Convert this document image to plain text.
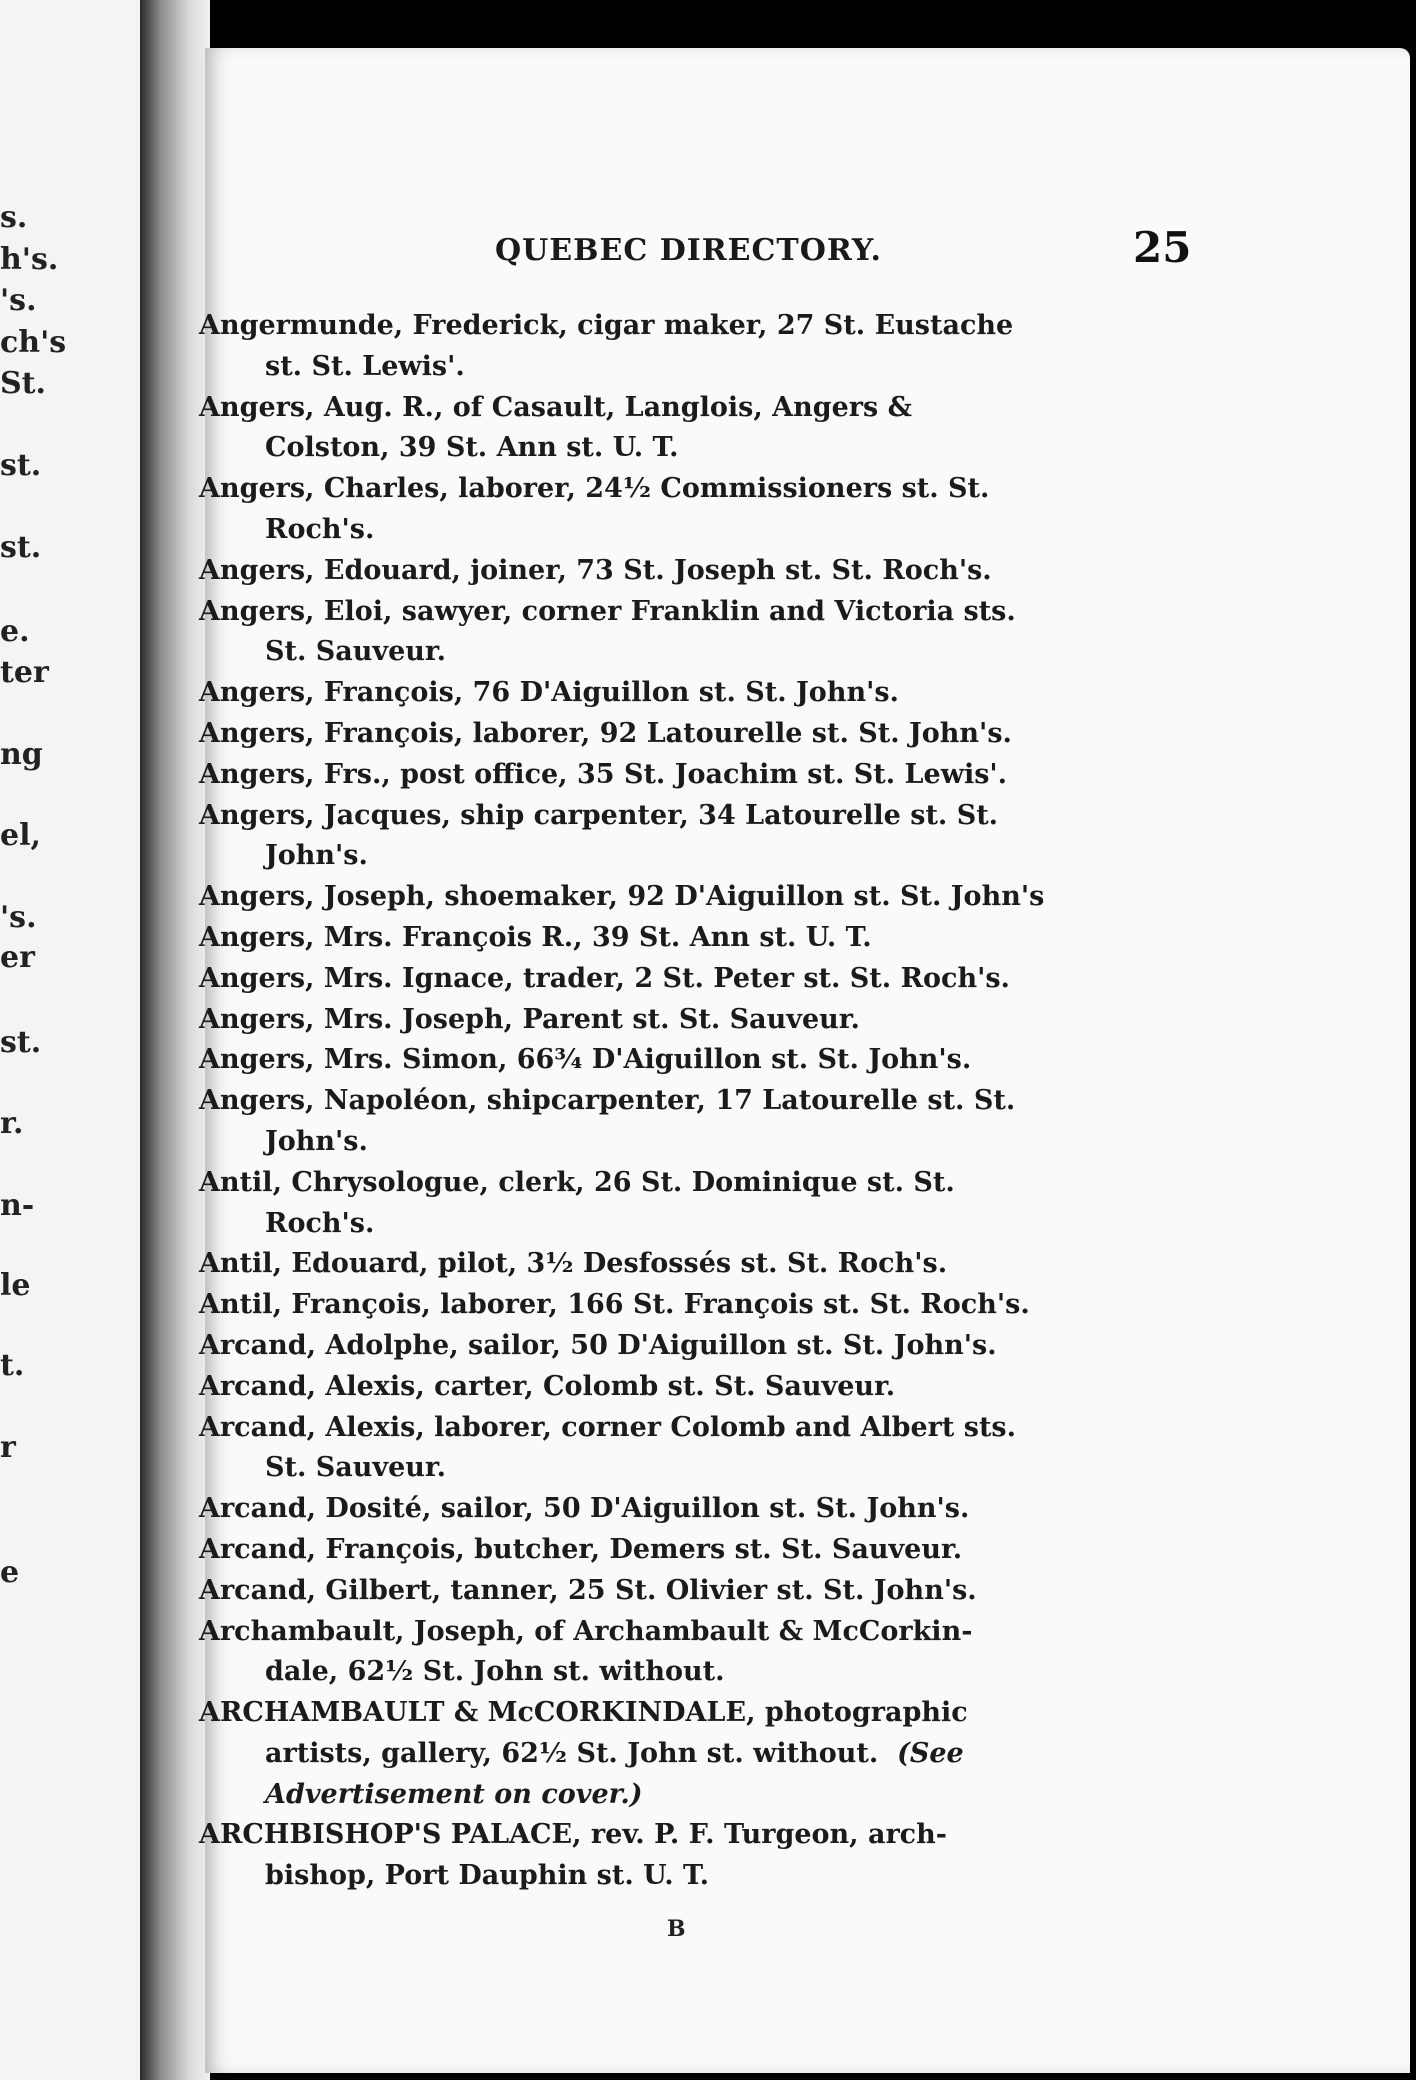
s.
h's.
's.
ch's
St.
st.
st.
e.
ter
ng
el,
's.
er
st.
r.
n-
le
t.
r
e
QUEBEC DIRECTORY.	25
Angermunde, Frederick, cigar maker, 27 St. Eustache
st. St. Lewis'.
Angers, Aug. R., of Casault, Langlois, Angers &
Colston, 39 St. Ann st. U. T.
Angers, Charles, laborer, 24½ Commissioners st. St.
Roch's.
Angers, Edouard, joiner, 73 St. Joseph st. St. Roch's.
Angers, Eloi, sawyer, corner Franklin and Victoria sts.
St. Sauveur.
Angers, François, 76 D'Aiguillon st. St. John's.
Angers, François, laborer, 92 Latourelle st. St. John's.
Angers, Frs., post office, 35 St. Joachim st. St. Lewis'.
Angers, Jacques, ship carpenter, 34 Latourelle st. St.
John's.
Angers, Joseph, shoemaker, 92 D'Aiguillon st. St. John's
Angers, Mrs. François R., 39 St. Ann st. U. T.
Angers, Mrs. Ignace, trader, 2 St. Peter st. St. Roch's.
Angers, Mrs. Joseph, Parent st. St. Sauveur.
Angers, Mrs. Simon, 66¾ D'Aiguillon st. St. John's.
Angers, Napoléon, shipcarpenter, 17 Latourelle st. St.
John's.
Antil, Chrysologue, clerk, 26 St. Dominique st. St.
Roch's.
Antil, Edouard, pilot, 3½ Desfossés st. St. Roch's.
Antil, François, laborer, 166 St. François st. St. Roch's.
Arcand, Adolphe, sailor, 50 D'Aiguillon st. St. John's.
Arcand, Alexis, carter, Colomb st. St. Sauveur.
Arcand, Alexis, laborer, corner Colomb and Albert sts.
St. Sauveur.
Arcand, Dosité, sailor, 50 D'Aiguillon st. St. John's.
Arcand, François, butcher, Demers st. St. Sauveur.
Arcand, Gilbert, tanner, 25 St. Olivier st. St. John's.
Archambault, Joseph, of Archambault & McCorkin-
dale, 62½ St. John st. without.
ARCHAMBAULT & McCORKINDALE, photographic
artists, gallery, 62½ St. John st. without. (See
Advertisement on cover.)
ARCHBISHOP'S PALACE, rev. P. F. Turgeon, arch-
bishop, Port Dauphin st. U. T.
B
